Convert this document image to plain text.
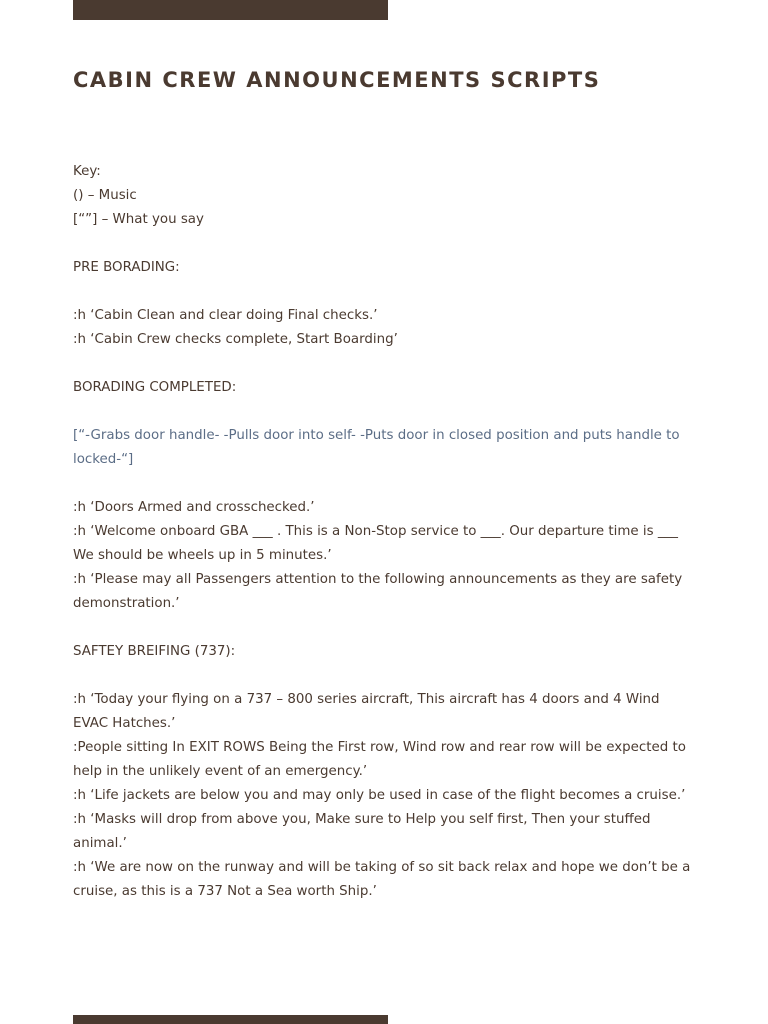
CABIN CREW ANNOUNCEMENTS SCRIPTS

Key:

() – Music

[“”] – What you say

PRE BORADING:

:h ‘Cabin Clean and clear doing Final checks.’

:h ‘Cabin Crew checks complete, Start Boarding’

BORADING COMPLETED:

[“-Grabs door handle- -Pulls door into self- -Puts door in closed position and puts handle to locked-“]

:h ‘Doors Armed and crosschecked.’

:h ‘Welcome onboard GBA ___ . This is a Non-Stop service to ___. Our departure time is ___ We should be wheels up in 5 minutes.’

:h ‘Please may all Passengers attention to the following announcements as they are safety demonstration.’

SAFTEY BREIFING (737):

:h ‘Today your flying on a 737 – 800 series aircraft, This aircraft has 4 doors and 4 Wind EVAC Hatches.’

:People sitting In EXIT ROWS Being the First row, Wind row and rear row will be expected to help in the unlikely event of an emergency.’

:h ‘Life jackets are below you and may only be used in case of the flight becomes a cruise.’

:h ‘Masks will drop from above you, Make sure to Help you self first, Then your stuffed animal.’

:h ‘We are now on the runway and will be taking of so sit back relax and hope we don’t be a cruise, as this is a 737 Not a Sea worth Ship.’
